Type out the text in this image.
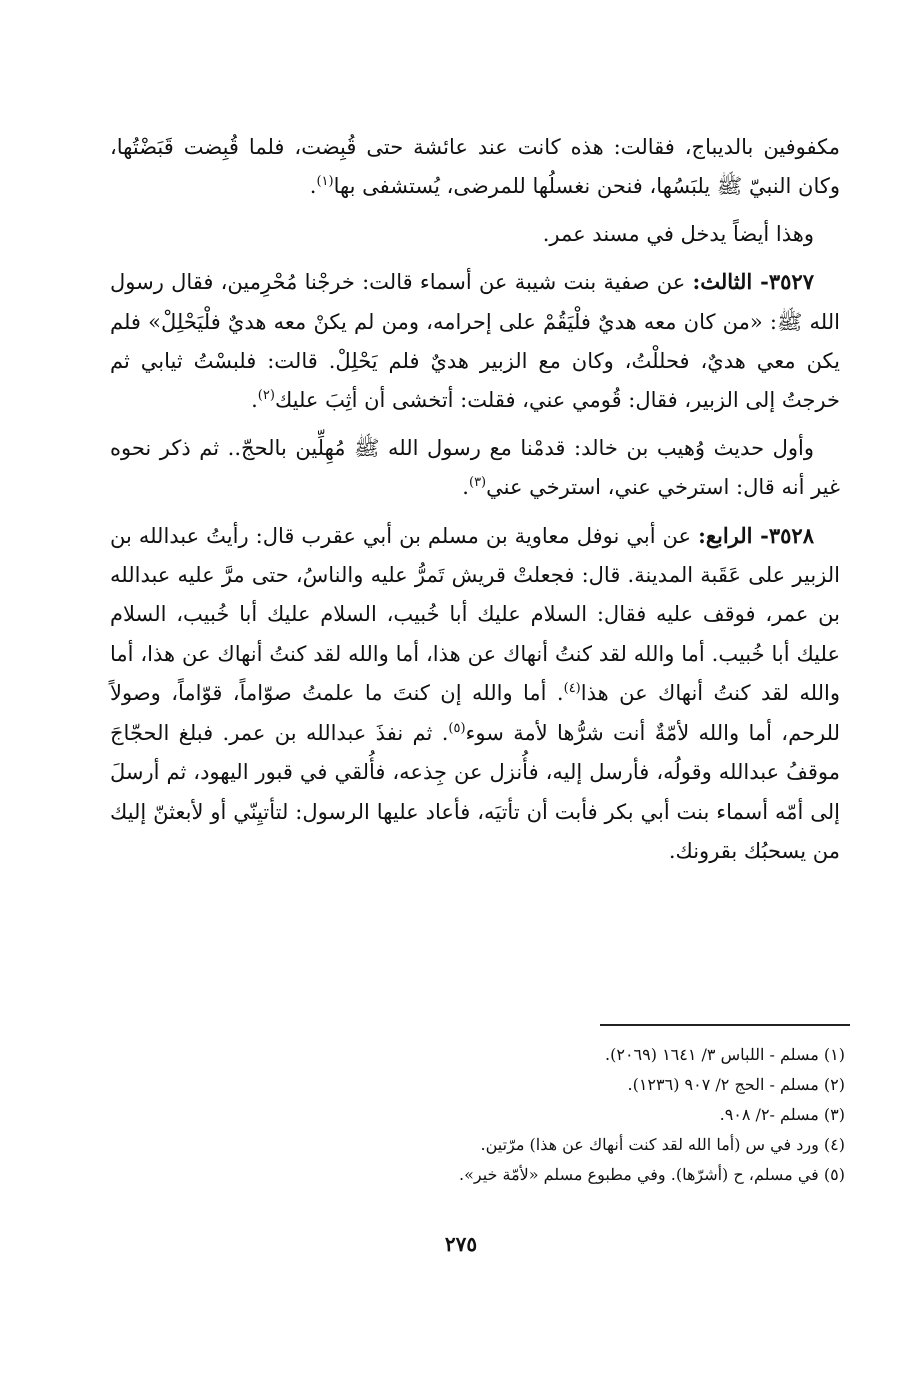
مكفوفين بالديباج، فقالت: هذه كانت عند عائشة حتى قُبِضت، فلما قُبِضت قَبَضْتُها، وكان النبيّ ﷺ يلبَسُها، فنحن نغسلُها للمرضى، يُستشفى بها$^{(١)}$.

وهذا أيضاً يدخل في مسند عمر.

٣٥٢٧- الثالث: عن صفية بنت شيبة عن أسماء قالت: خرجْنا مُحْرِمين، فقال رسول الله ﷺ: «من كان معه هديٌ فلْيَقُمْ على إحرامه، ومن لم يكنْ معه هديٌ فلْيَحْلِلْ» فلم يكن معي هديٌ، فحللْتُ، وكان مع الزبير هديٌ فلم يَحْلِلْ. قالت: فلبسْتُ ثيابي ثم خرجتُ إلى الزبير، فقال: قُومي عني، فقلت: أتخشى أن أثِبَ عليك$^{(٢)}$.

وأول حديث وُهيب بن خالد: قدمْنا مع رسول الله ﷺ مُهِلِّين بالحجّ.. ثم ذكر نحوه غير أنه قال: استرخي عني، استرخي عني$^{(٣)}$.

٣٥٢٨- الرابع: عن أبي نوفل معاوية بن مسلم بن أبي عقرب قال: رأيتُ عبدالله بن الزبير على عَقَبة المدينة. قال: فجعلتْ قريش تَمرُّ عليه والناسُ، حتى مرَّ عليه عبدالله بن عمر، فوقف عليه فقال: السلام عليك أبا خُبيب، السلام عليك أبا خُبيب، السلام عليك أبا خُبيب. أما والله لقد كنتُ أنهاك عن هذا، أما والله لقد كنتُ أنهاك عن هذا، أما والله لقد كنتُ أنهاك عن هذا$^{(٤)}$. أما والله إن كنتَ ما علمتُ صوّاماً، قوّاماً، وصولاً للرحم، أما والله لأمّةٌ أنت شرُّها لأمة سوء$^{(٥)}$. ثم نفذَ عبدالله بن عمر. فبلغ الحجّاجَ موقفُ عبدالله وقولُه، فأرسل إليه، فأُنزل عن جِذعه، فأُلقي في قبور اليهود، ثم أرسلَ إلى أمّه أسماء بنت أبي بكر فأبت أن تأتيَه، فأعاد عليها الرسول: لتأتيِنّي أو لأبعثنّ إليك من يسحبُك بقرونك.

(١) مسلم - اللباس ٣/ ١٦٤١ (٢٠٦٩).
(٢) مسلم - الحج ٢/ ٩٠٧ (١٢٣٦).
(٣) مسلم -٢/ ٩٠٨.
(٤) ورد في س (أما الله لقد كنت أنهاك عن هذا) مرّتين.
(٥) في مسلم، ح (أشرّها). وفي مطبوع مسلم «لأمّة خير».
٢٧٥
